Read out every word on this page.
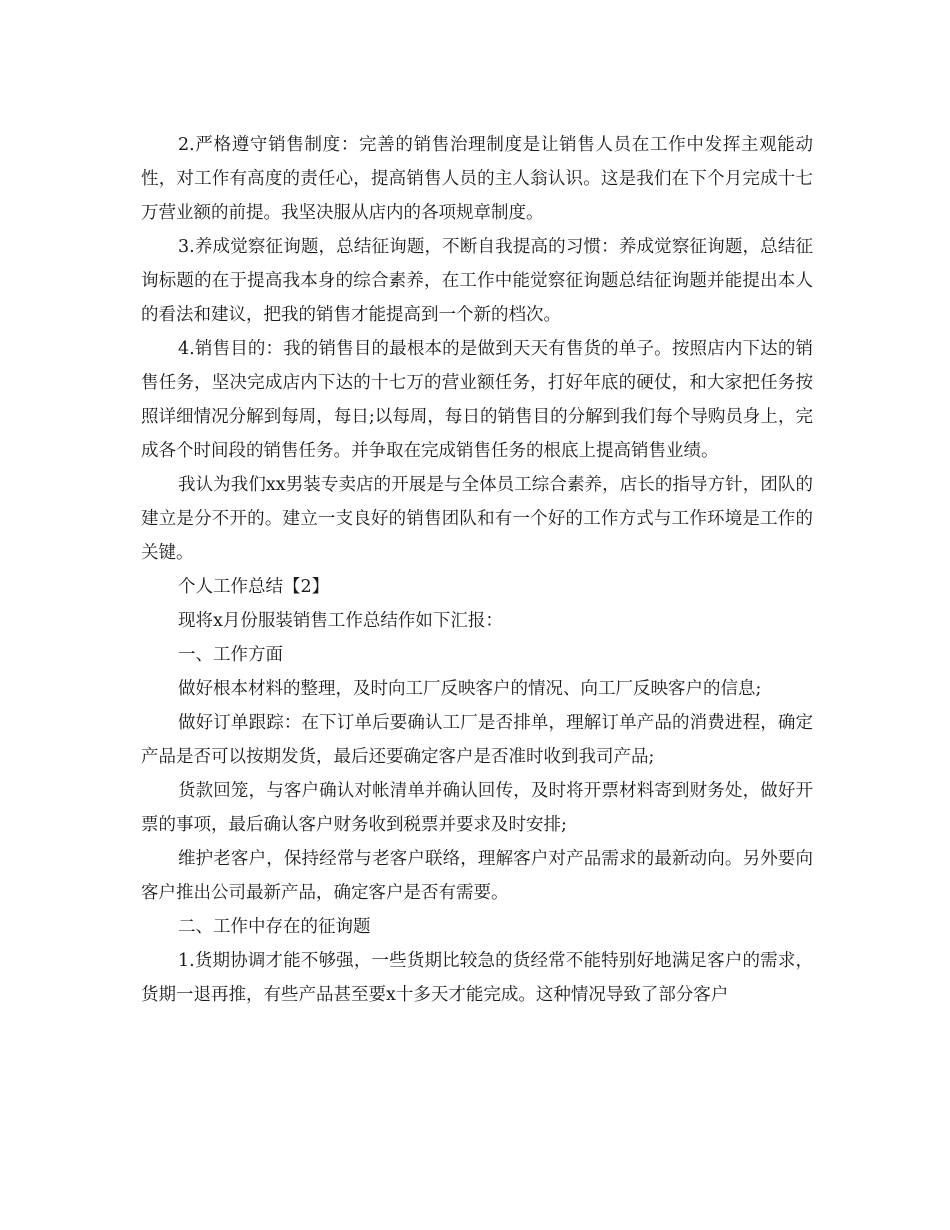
2.严格遵守销售制度：完善的销售治理制度是让销售人员在工作中发挥主观能动性，对工作有高度的责任心，提高销售人员的主人翁认识。这是我们在下个月完成十七万营业额的前提。我坚决服从店内的各项规章制度。

3.养成觉察征询题，总结征询题，不断自我提高的习惯：养成觉察征询题，总结征询标题的在于提高我本身的综合素养，在工作中能觉察征询题总结征询题并能提出本人的看法和建议，把我的销售才能提高到一个新的档次。

4.销售目的：我的销售目的最根本的是做到天天有售货的单子。按照店内下达的销售任务，坚决完成店内下达的十七万的营业额任务，打好年底的硬仗，和大家把任务按照详细情况分解到每周，每日;以每周，每日的销售目的分解到我们每个导购员身上，完成各个时间段的销售任务。并争取在完成销售任务的根底上提高销售业绩。

我认为我们xx男装专卖店的开展是与全体员工综合素养，店长的指导方针，团队的建立是分不开的。建立一支良好的销售团队和有一个好的工作方式与工作环境是工作的关键。

个人工作总结【2】

现将x月份服装销售工作总结作如下汇报：

一、工作方面

做好根本材料的整理，及时向工厂反映客户的情况、向工厂反映客户的信息;

做好订单跟踪：在下订单后要确认工厂是否排单，理解订单产品的消费进程，确定产品是否可以按期发货，最后还要确定客户是否准时收到我司产品;

货款回笼，与客户确认对帐清单并确认回传，及时将开票材料寄到财务处，做好开票的事项，最后确认客户财务收到税票并要求及时安排;

维护老客户，保持经常与老客户联络，理解客户对产品需求的最新动向。另外要向客户推出公司最新产品，确定客户是否有需要。

二、工作中存在的征询题

1.货期协调才能不够强，一些货期比较急的货经常不能特别好地满足客户的需求，货期一退再推，有些产品甚至要x十多天才能完成。这种情况导致了部分客户
